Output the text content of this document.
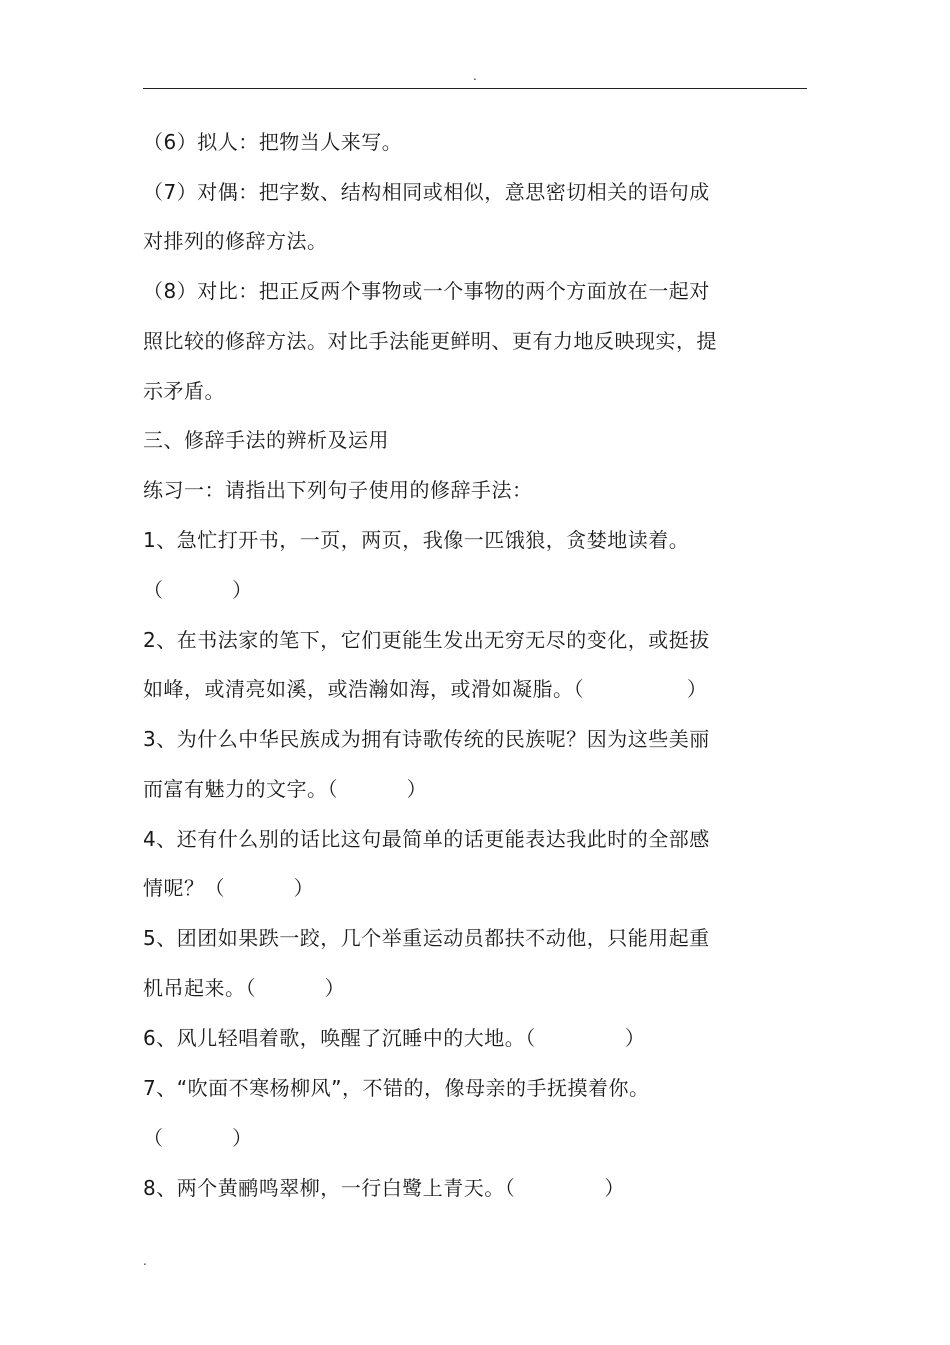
.
（6）拟人：把物当人来写。
（7）对偶：把字数、结构相同或相似，意思密切相关的语句成
对排列的修辞方法。
（8）对比：把正反两个事物或一个事物的两个方面放在一起对
照比较的修辞方法。对比手法能更鲜明、更有力地反映现实，提
示矛盾。
三、修辞手法的辨析及运用
练习一：请指出下列句子使用的修辞手法：
1、急忙打开书，一页，两页，我像一匹饿狼，贪婪地读着。
（          ）
2、在书法家的笔下，它们更能生发出无穷无尽的变化，或挺拔
如峰，或清亮如溪，或浩瀚如海，或滑如凝脂。（               ）
3、为什么中华民族成为拥有诗歌传统的民族呢？因为这些美丽
而富有魅力的文字。（          ）
4、还有什么别的话比这句最简单的话更能表达我此时的全部感
情呢？（          ）
5、团团如果跌一跤，几个举重运动员都扶不动他，只能用起重
机吊起来。（          ）
6、风儿轻唱着歌，唤醒了沉睡中的大地。（             ）
7、“吹面不寒杨柳风”，不错的，像母亲的手抚摸着你。
（          ）
8、两个黄鹂鸣翠柳，一行白鹭上青天。（             ）
.
